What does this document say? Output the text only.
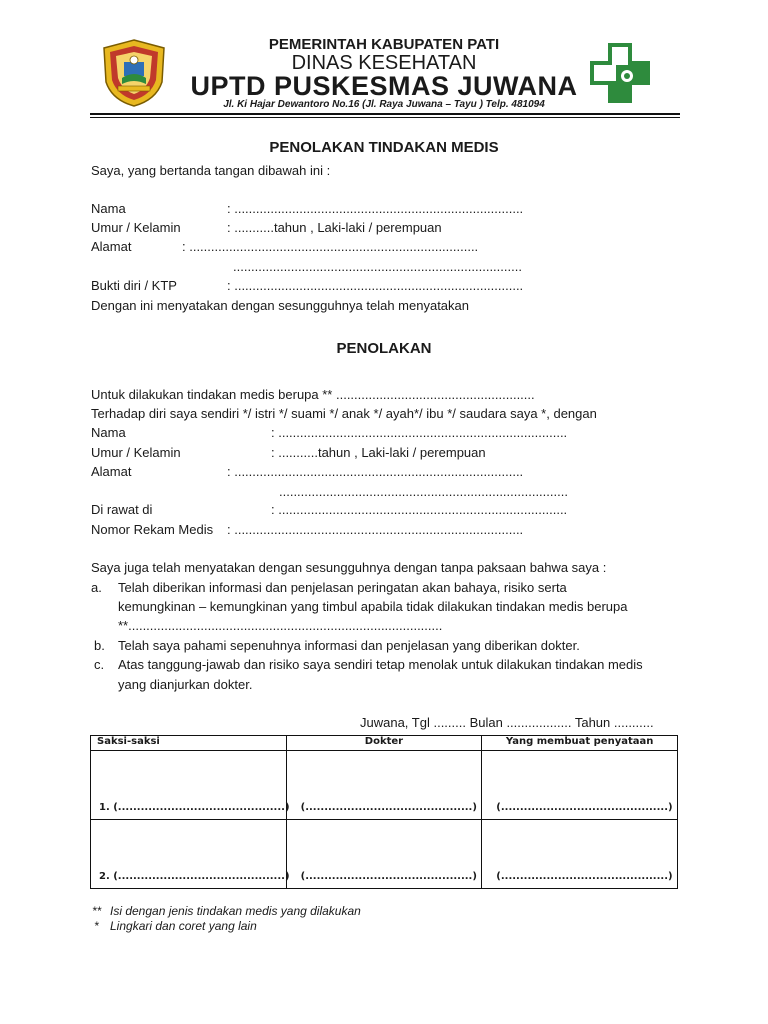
PEMERINTAH KABUPATEN PATI
DINAS KESEHATAN
UPTD PUSKESMAS JUWANA
Jl. Ki Hajar Dewantoro No.16 (Jl. Raya Juwana – Tayu ) Telp. 481094
PENOLAKAN TINDAKAN MEDIS
Saya, yang bertanda tangan dibawah ini :
Nama	: ................................................................................
Umur / Kelamin	: ...........tahun , Laki-laki / perempuan
Alamat	: ................................................................................
................................................................................
Bukti diri / KTP	: ................................................................................
Dengan ini menyatakan dengan sesungguhnya telah menyatakan
PENOLAKAN
Untuk dilakukan tindakan medis berupa ** .......................................................
Terhadap diri saya sendiri */ istri */ suami */ anak */ ayah*/ ibu */ saudara saya *, dengan
Nama	: ................................................................................
Umur / Kelamin	: ...........tahun , Laki-laki / perempuan
Alamat	: ................................................................................
................................................................................
Di rawat di	: ................................................................................
Nomor Rekam Medis : ................................................................................
Saya juga telah menyatakan dengan sesungguhnya dengan tanpa paksaan bahwa saya :
a. Telah diberikan informasi dan penjelasan peringatan akan bahaya, risiko serta
kemungkinan – kemungkinan yang timbul apabila tidak dilakukan tindakan medis berupa
**.......................................................................................
b. Telah saya pahami sepenuhnya informasi dan penjelasan yang diberikan dokter.
c. Atas tanggung-jawab dan risiko saya sendiri tetap menolak untuk dilakukan tindakan medis
yang dianjurkan dokter.
Juwana, Tgl ......... Bulan .................. Tahun ...........
Saksi-saksi	Dokter	Yang membuat penyataan

1. (............................................)	(............................................)	(............................................)

2. (............................................)	(............................................)	(............................................)
** Isi dengan jenis tindakan medis yang dilakukan
* Lingkari dan coret yang lain
